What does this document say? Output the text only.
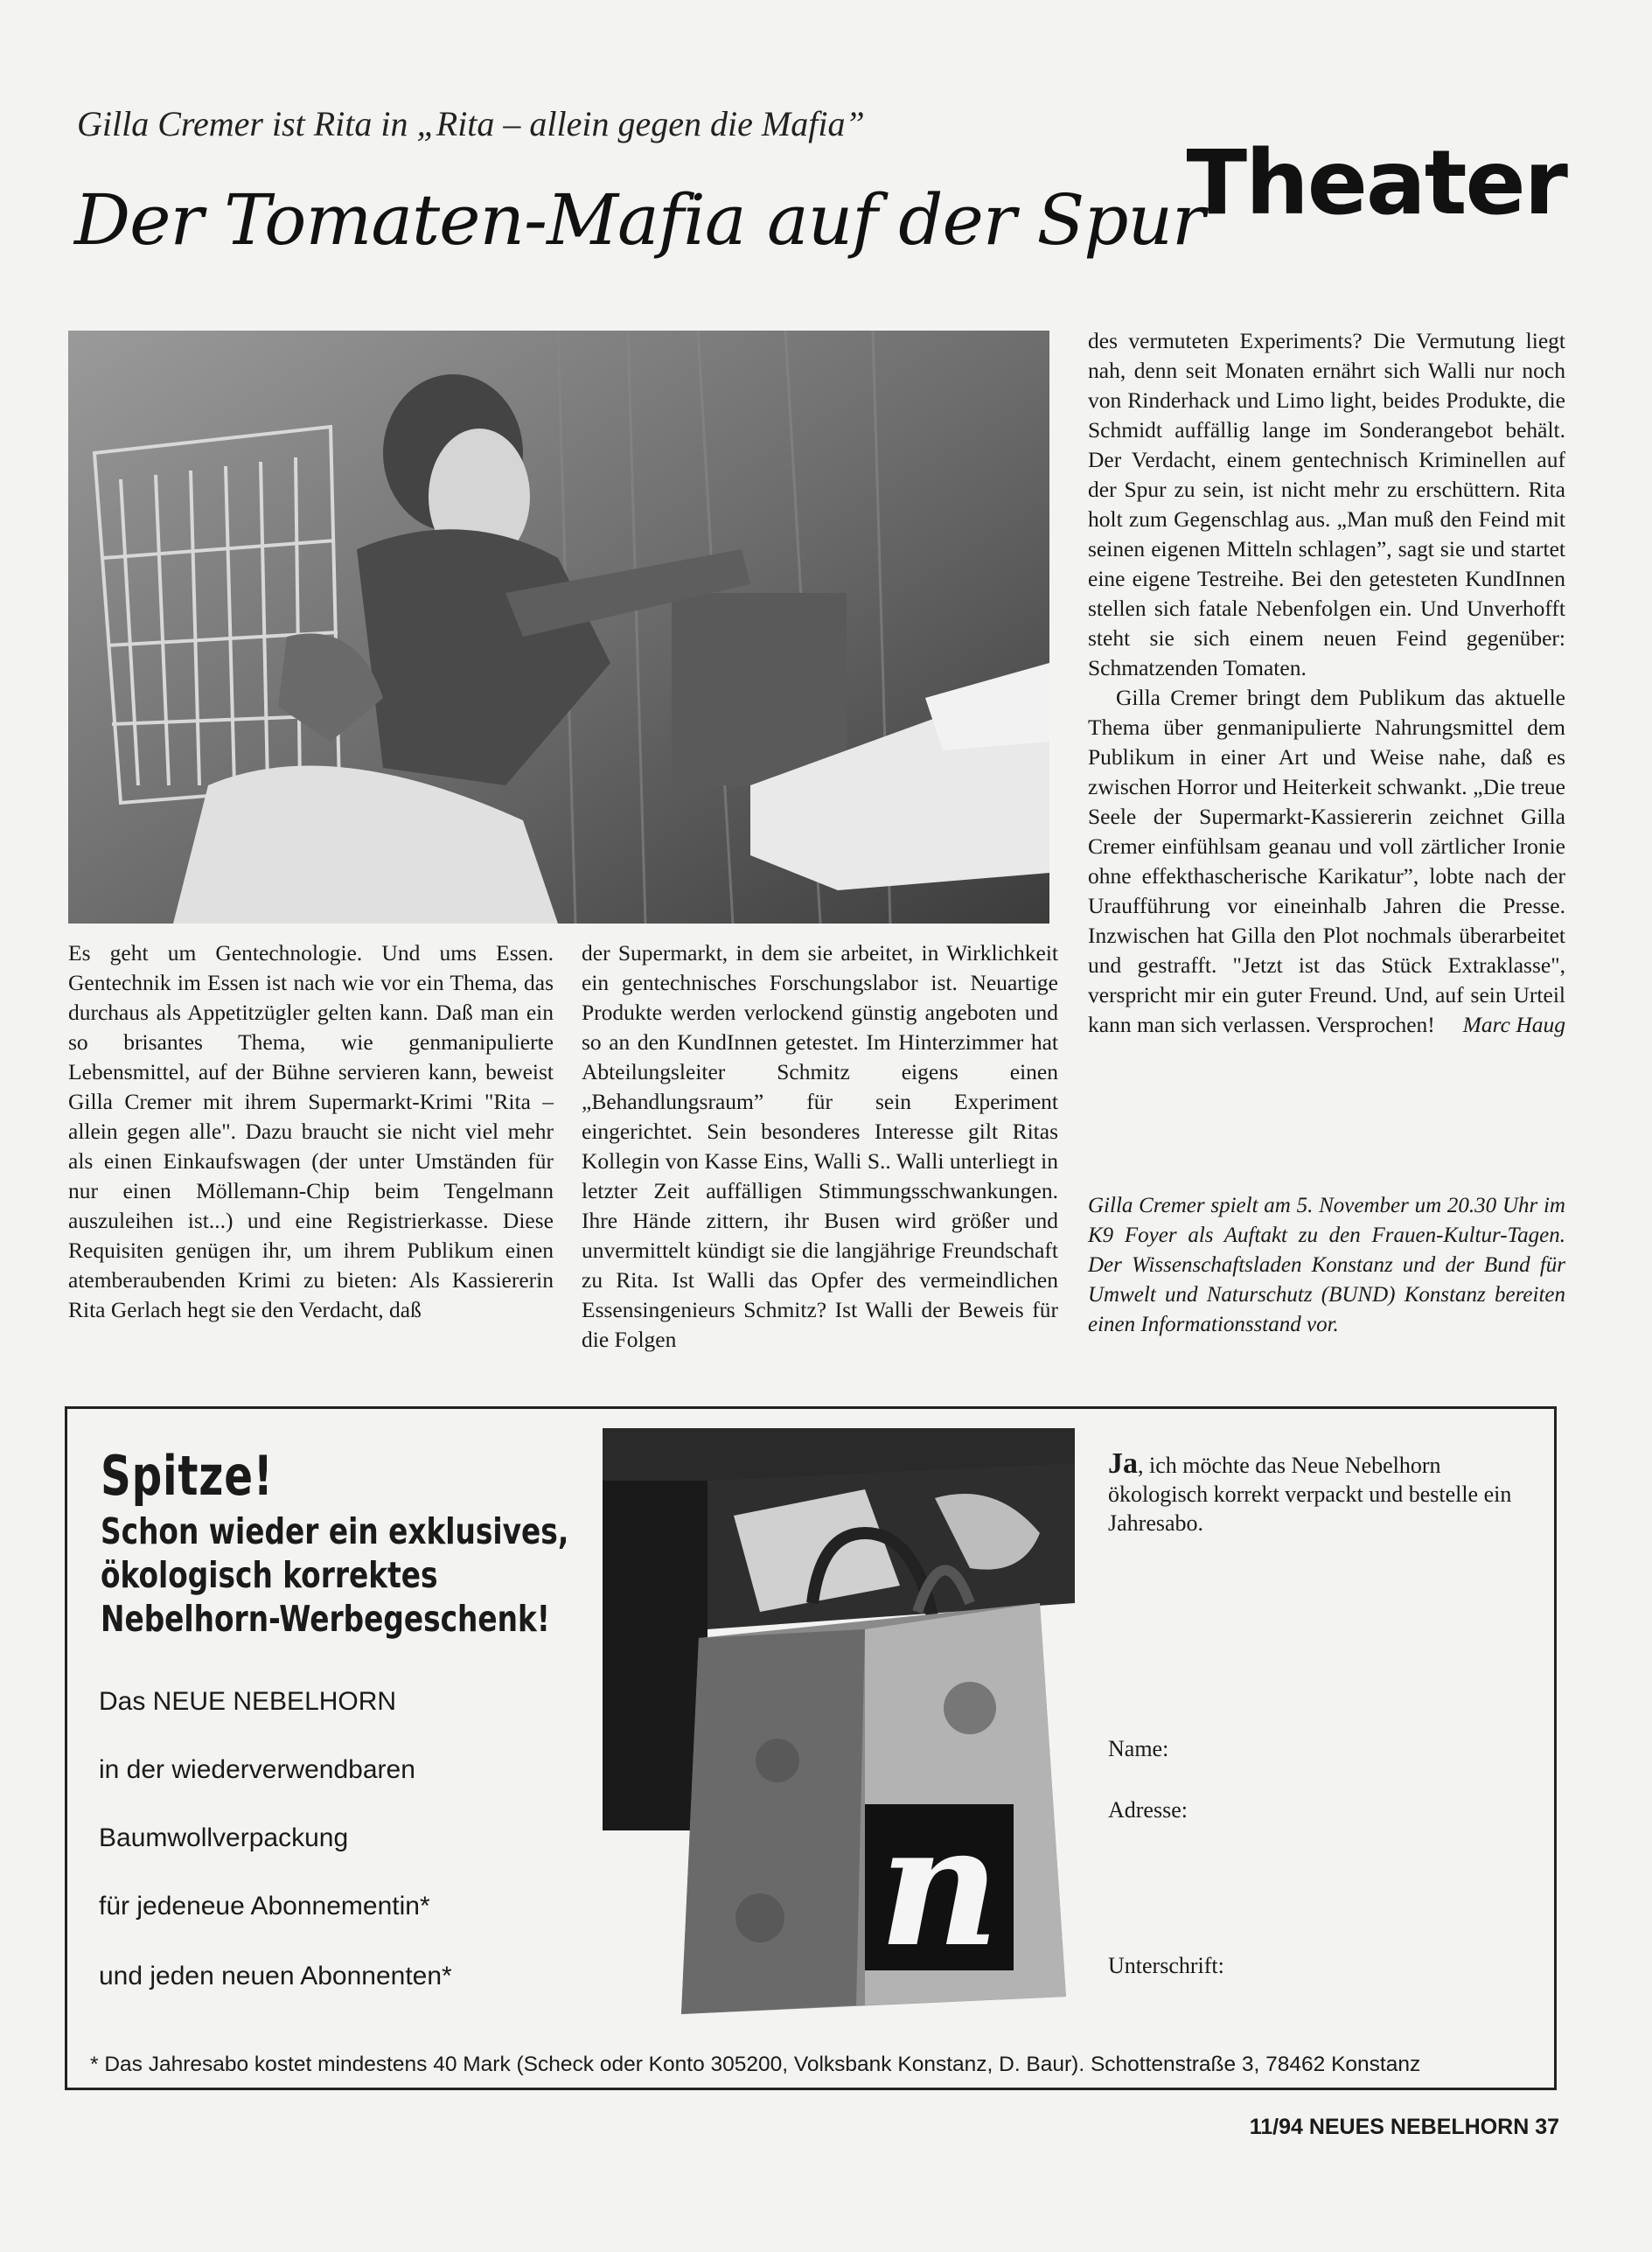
Gilla Cremer ist Rita in „Rita – allein gegen die Mafia”
Der Tomaten-Mafia auf der Spur
Theater

Es geht um Gentechnologie. Und ums Essen. Gentechnik im Essen ist nach wie vor ein Thema, das durchaus als Appetitzügler gelten kann. Daß man ein so brisantes Thema, wie genmanipulierte Lebensmittel, auf der Bühne servieren kann, beweist Gilla Cremer mit ihrem Supermarkt-Krimi "Rita – allein gegen alle". Dazu braucht sie nicht viel mehr als einen Einkaufswagen (der unter Umständen für nur einen Möllemann-Chip beim Tengelmann auszuleihen ist...) und eine Registrierkasse. Diese Requisiten genügen ihr, um ihrem Publikum einen atemberaubenden Krimi zu bieten: Als Kassiererin Rita Gerlach hegt sie den Verdacht, daß

der Supermarkt, in dem sie arbeitet, in Wirklichkeit ein gentechnisches Forschungslabor ist. Neuartige Produkte werden verlockend günstig angeboten und so an den KundInnen getestet. Im Hinterzimmer hat Abteilungsleiter Schmitz eigens einen „Behandlungsraum” für sein Experiment eingerichtet. Sein besonderes Interesse gilt Ritas Kollegin von Kasse Eins, Walli S.. Walli unterliegt in letzter Zeit auffälligen Stimmungsschwankungen. Ihre Hände zittern, ihr Busen wird größer und unvermittelt kündigt sie die langjährige Freundschaft zu Rita. Ist Walli das Opfer des vermeindlichen Essensingenieurs Schmitz? Ist Walli der Beweis für die Folgen

des vermuteten Experiments? Die Vermutung liegt nah, denn seit Monaten ernährt sich Walli nur noch von Rinderhack und Limo light, beides Produkte, die Schmidt auffällig lange im Sonderangebot behält. Der Verdacht, einem gentechnisch Kriminellen auf der Spur zu sein, ist nicht mehr zu erschüttern. Rita holt zum Gegenschlag aus. „Man muß den Feind mit seinen eigenen Mitteln schlagen”, sagt sie und startet eine eigene Testreihe. Bei den getesteten KundInnen stellen sich fatale Nebenfolgen ein. Und Unverhofft steht sie sich einem neuen Feind gegenüber: Schmatzenden Tomaten.

Gilla Cremer bringt dem Publikum das aktuelle Thema über genmanipulierte Nahrungsmittel dem Publikum in einer Art und Weise nahe, daß es zwischen Horror und Heiterkeit schwankt. „Die treue Seele der Supermarkt-Kassiererin zeichnet Gilla Cremer einfühlsam geanau und voll zärtlicher Ironie ohne effekthascherische Karikatur”, lobte nach der Uraufführung vor eineinhalb Jahren die Presse. Inzwischen hat Gilla den Plot nochmals überarbeitet und gestrafft. "Jetzt ist das Stück Extraklasse", verspricht mir ein guter Freund. Und, auf sein Urteil kann man sich verlassen. Versprochen!	Marc Haug

Gilla Cremer spielt am 5. November um 20.30 Uhr im K9 Foyer als Auftakt zu den Frauen-Kultur-Tagen. Der Wissenschaftsladen Konstanz und der Bund für Umwelt und Naturschutz (BUND) Konstanz bereiten einen Informationsstand vor.
Spitze!
Schon wieder ein exklusives,
ökologisch korrektes
Nebelhorn-Werbegeschenk!
Das NEUE NEBELHORN
in der wiederverwendbaren
Baumwollverpackung
für jedeneue Abonnementin*
und jeden neuen Abonnenten*	n
Ja, ich möchte das Neue Nebelhorn ökologisch korrekt verpackt und bestelle ein Jahresabo.
Name:
Adresse:
Unterschrift:
* Das Jahresabo kostet mindestens 40 Mark (Scheck oder Konto 305200, Volksbank Konstanz, D. Baur). Schottenstraße 3, 78462 Konstanz
11/94 NEUES NEBELHORN 37
